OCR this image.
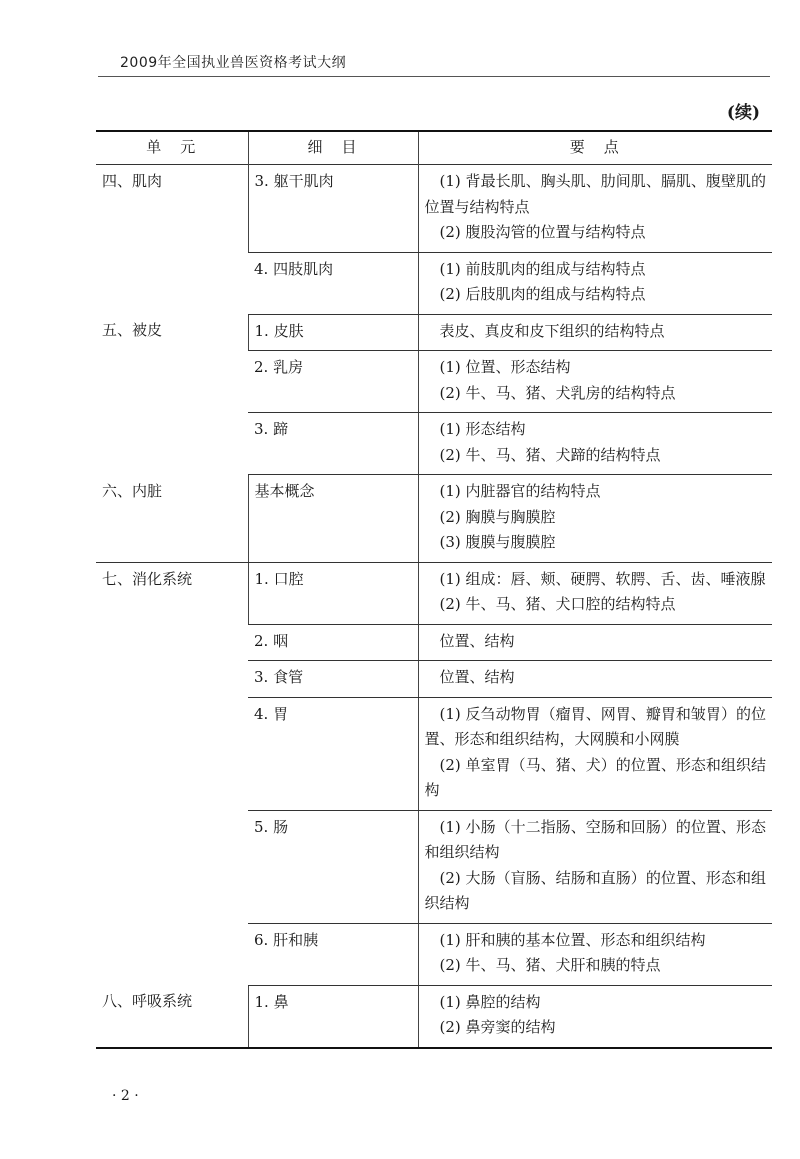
2009年全国执业兽医资格考试大纲
(续)
单　元	细　目	要　点
四、肌肉	3. 躯干肌肉	(1) 背最长肌、胸头肌、肋间肌、膈肌、腹壁肌的位置与结构特点
(2) 腹股沟管的位置与结构特点

	4. 四肢肌肉	(1) 前肢肌肉的组成与结构特点
(2) 后肢肌肉的组成与结构特点

五、被皮	1. 皮肤	表皮、真皮和皮下组织的结构特点

	2. 乳房	(1) 位置、形态结构
(2) 牛、马、猪、犬乳房的结构特点

	3. 蹄	(1) 形态结构
(2) 牛、马、猪、犬蹄的结构特点

六、内脏	基本概念	(1) 内脏器官的结构特点
(2) 胸膜与胸膜腔
(3) 腹膜与腹膜腔

七、消化系统	1. 口腔	(1) 组成：唇、颊、硬腭、软腭、舌、齿、唾液腺
(2) 牛、马、猪、犬口腔的结构特点

	2. 咽	位置、结构

	3. 食管	位置、结构

	4. 胃	(1) 反刍动物胃（瘤胃、网胃、瓣胃和皱胃）的位置、形态和组织结构，大网膜和小网膜
(2) 单室胃（马、猪、犬）的位置、形态和组织结构

	5. 肠	(1) 小肠（十二指肠、空肠和回肠）的位置、形态和组织结构
(2) 大肠（盲肠、结肠和直肠）的位置、形态和组织结构

	6. 肝和胰	(1) 肝和胰的基本位置、形态和组织结构
(2) 牛、马、猪、犬肝和胰的特点

八、呼吸系统	1. 鼻	(1) 鼻腔的结构
(2) 鼻旁窦的结构
· 2 ·
